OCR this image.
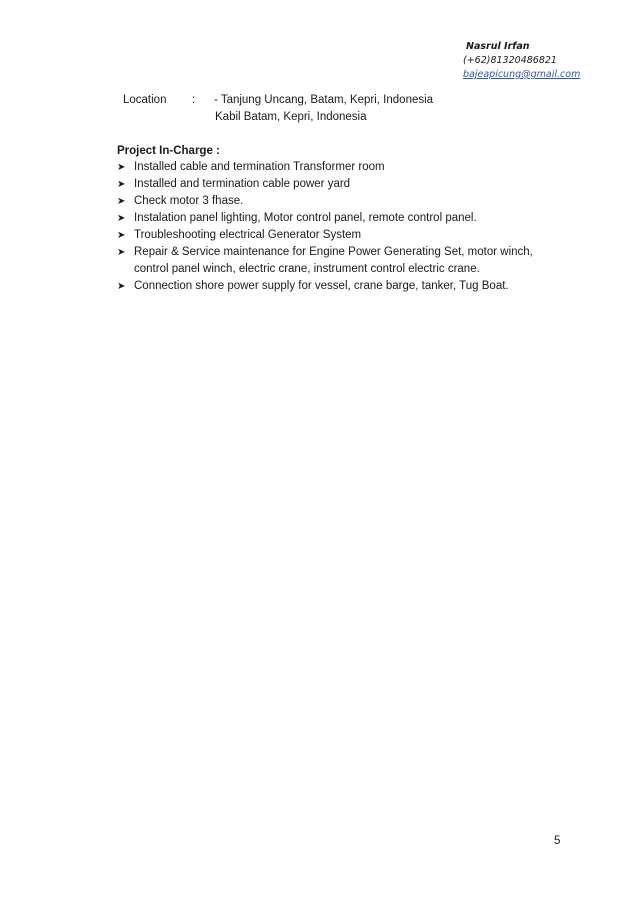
Nasrul Irfan
(+62)81320486821
bajeapicung@gmail.com
Location : - Tanjung Uncang, Batam, Kepri, Indonesia
Kabil Batam, Kepri, Indonesia
Project In-Charge :
➤ Installed cable and termination Transformer room
➤ Installed and termination cable power yard
➤ Check motor 3 fhase.
➤ Instalation panel lighting, Motor control panel, remote control panel.
➤ Troubleshooting electrical Generator System
➤ Repair & Service maintenance for Engine Power Generating Set, motor winch, control panel winch, electric crane, instrument control electric crane.
➤ Connection shore power supply for vessel, crane barge, tanker, Tug Boat.
5
